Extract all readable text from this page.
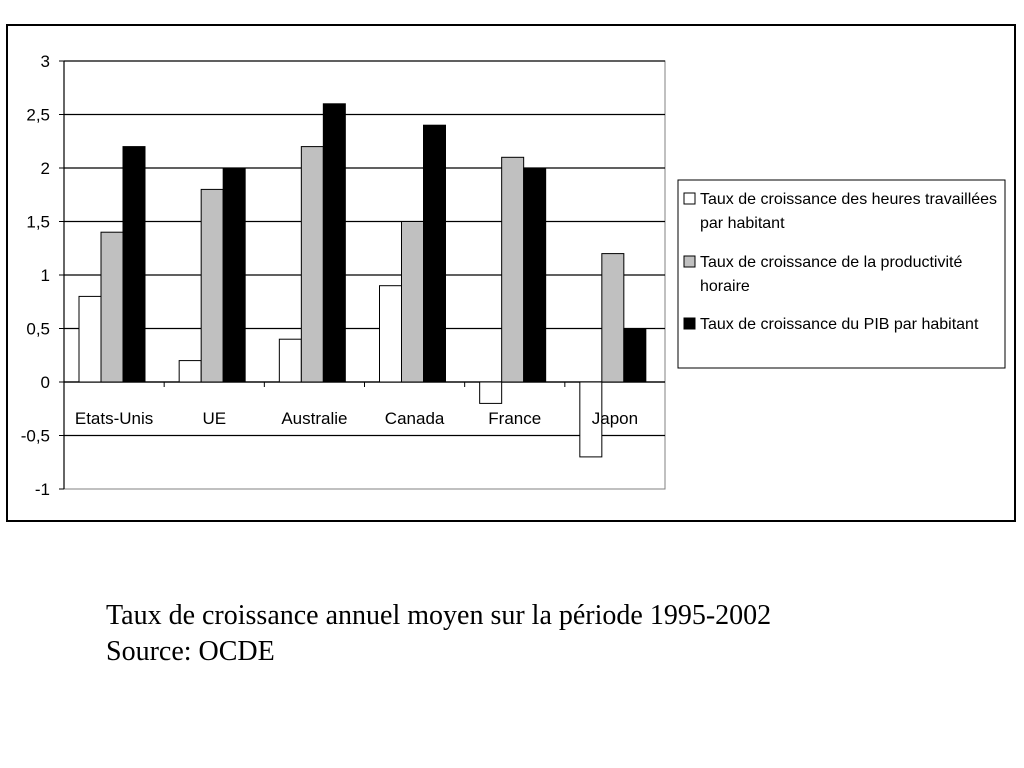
3
2,5
2
1,5
1
0,5
0
-0,5
-1
Etats-Unis	UE	Australie Canada	France	Japon
Taux de croissance des heures travaillées
par habitant
Taux de croissance de la productivité
horaire
Taux de croissance du PIB par habitant
Taux de croissance annuel moyen sur la période 1995-2002
Source: OCDE
